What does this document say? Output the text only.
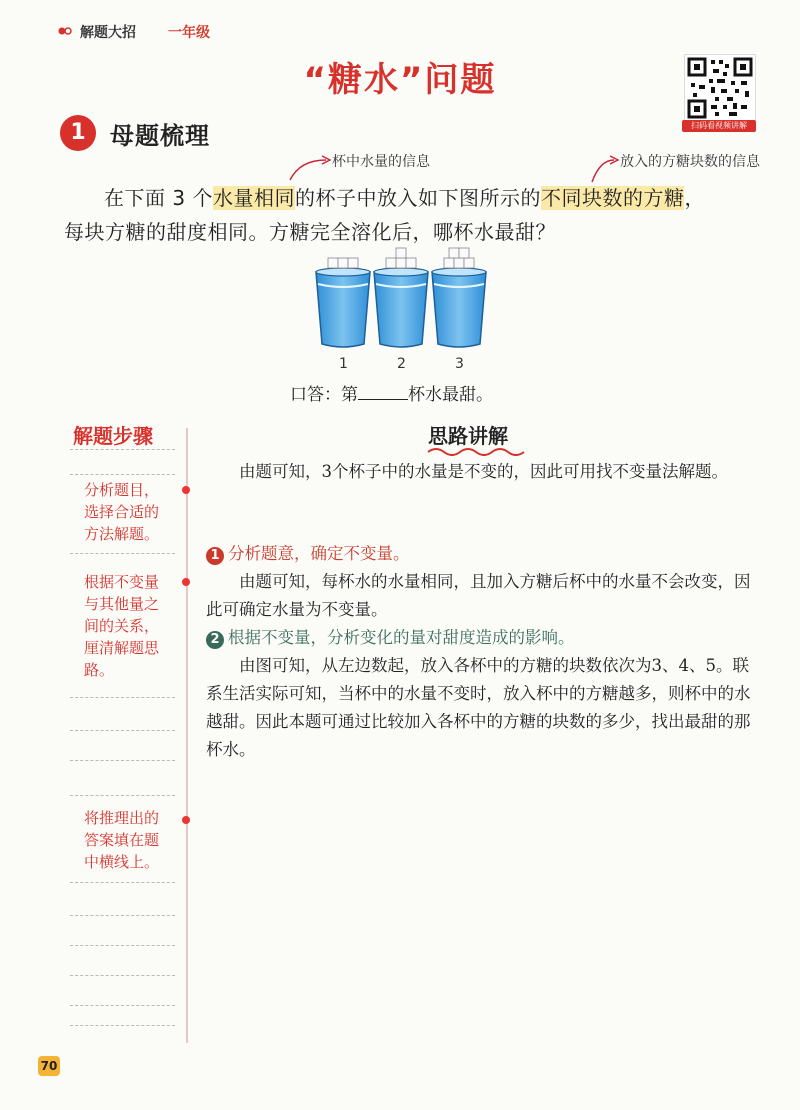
解题大招 一年级
“糖水”问题
扫码看视频讲解
1	母题梳理
杯中水量的信息	放入的方糖块数的信息
在下面 3 个水量相同的杯子中放入如下图所示的不同块数的方糖，
每块方糖的甜度相同。方糖完全溶化后，哪杯水最甜？
1	2	3
口答：第	杯水最甜。
解题步骤	思路讲解
分析题目，选择合适的方法解题。
根据不变量与其他量之间的关系，厘清解题思路。
将推理出的答案填在题中横线上。
由题可知，3个杯子中的水量是不变的，因此可用找不变量法解题。
1 分析题意，确定不变量。
由题可知，每杯水的水量相同，且加入方糖后杯中的水量不会改变，因此可确定水量为不变量。
2 根据不变量，分析变化的量对甜度造成的影响。
由图可知，从左边数起，放入各杯中的方糖的块数依次为3、4、5。联系生活实际可知，当杯中的水量不变时，放入杯中的方糖越多，则杯中的水越甜。因此本题可通过比较加入各杯中的方糖的块数的多少，找出最甜的那杯水。
70
